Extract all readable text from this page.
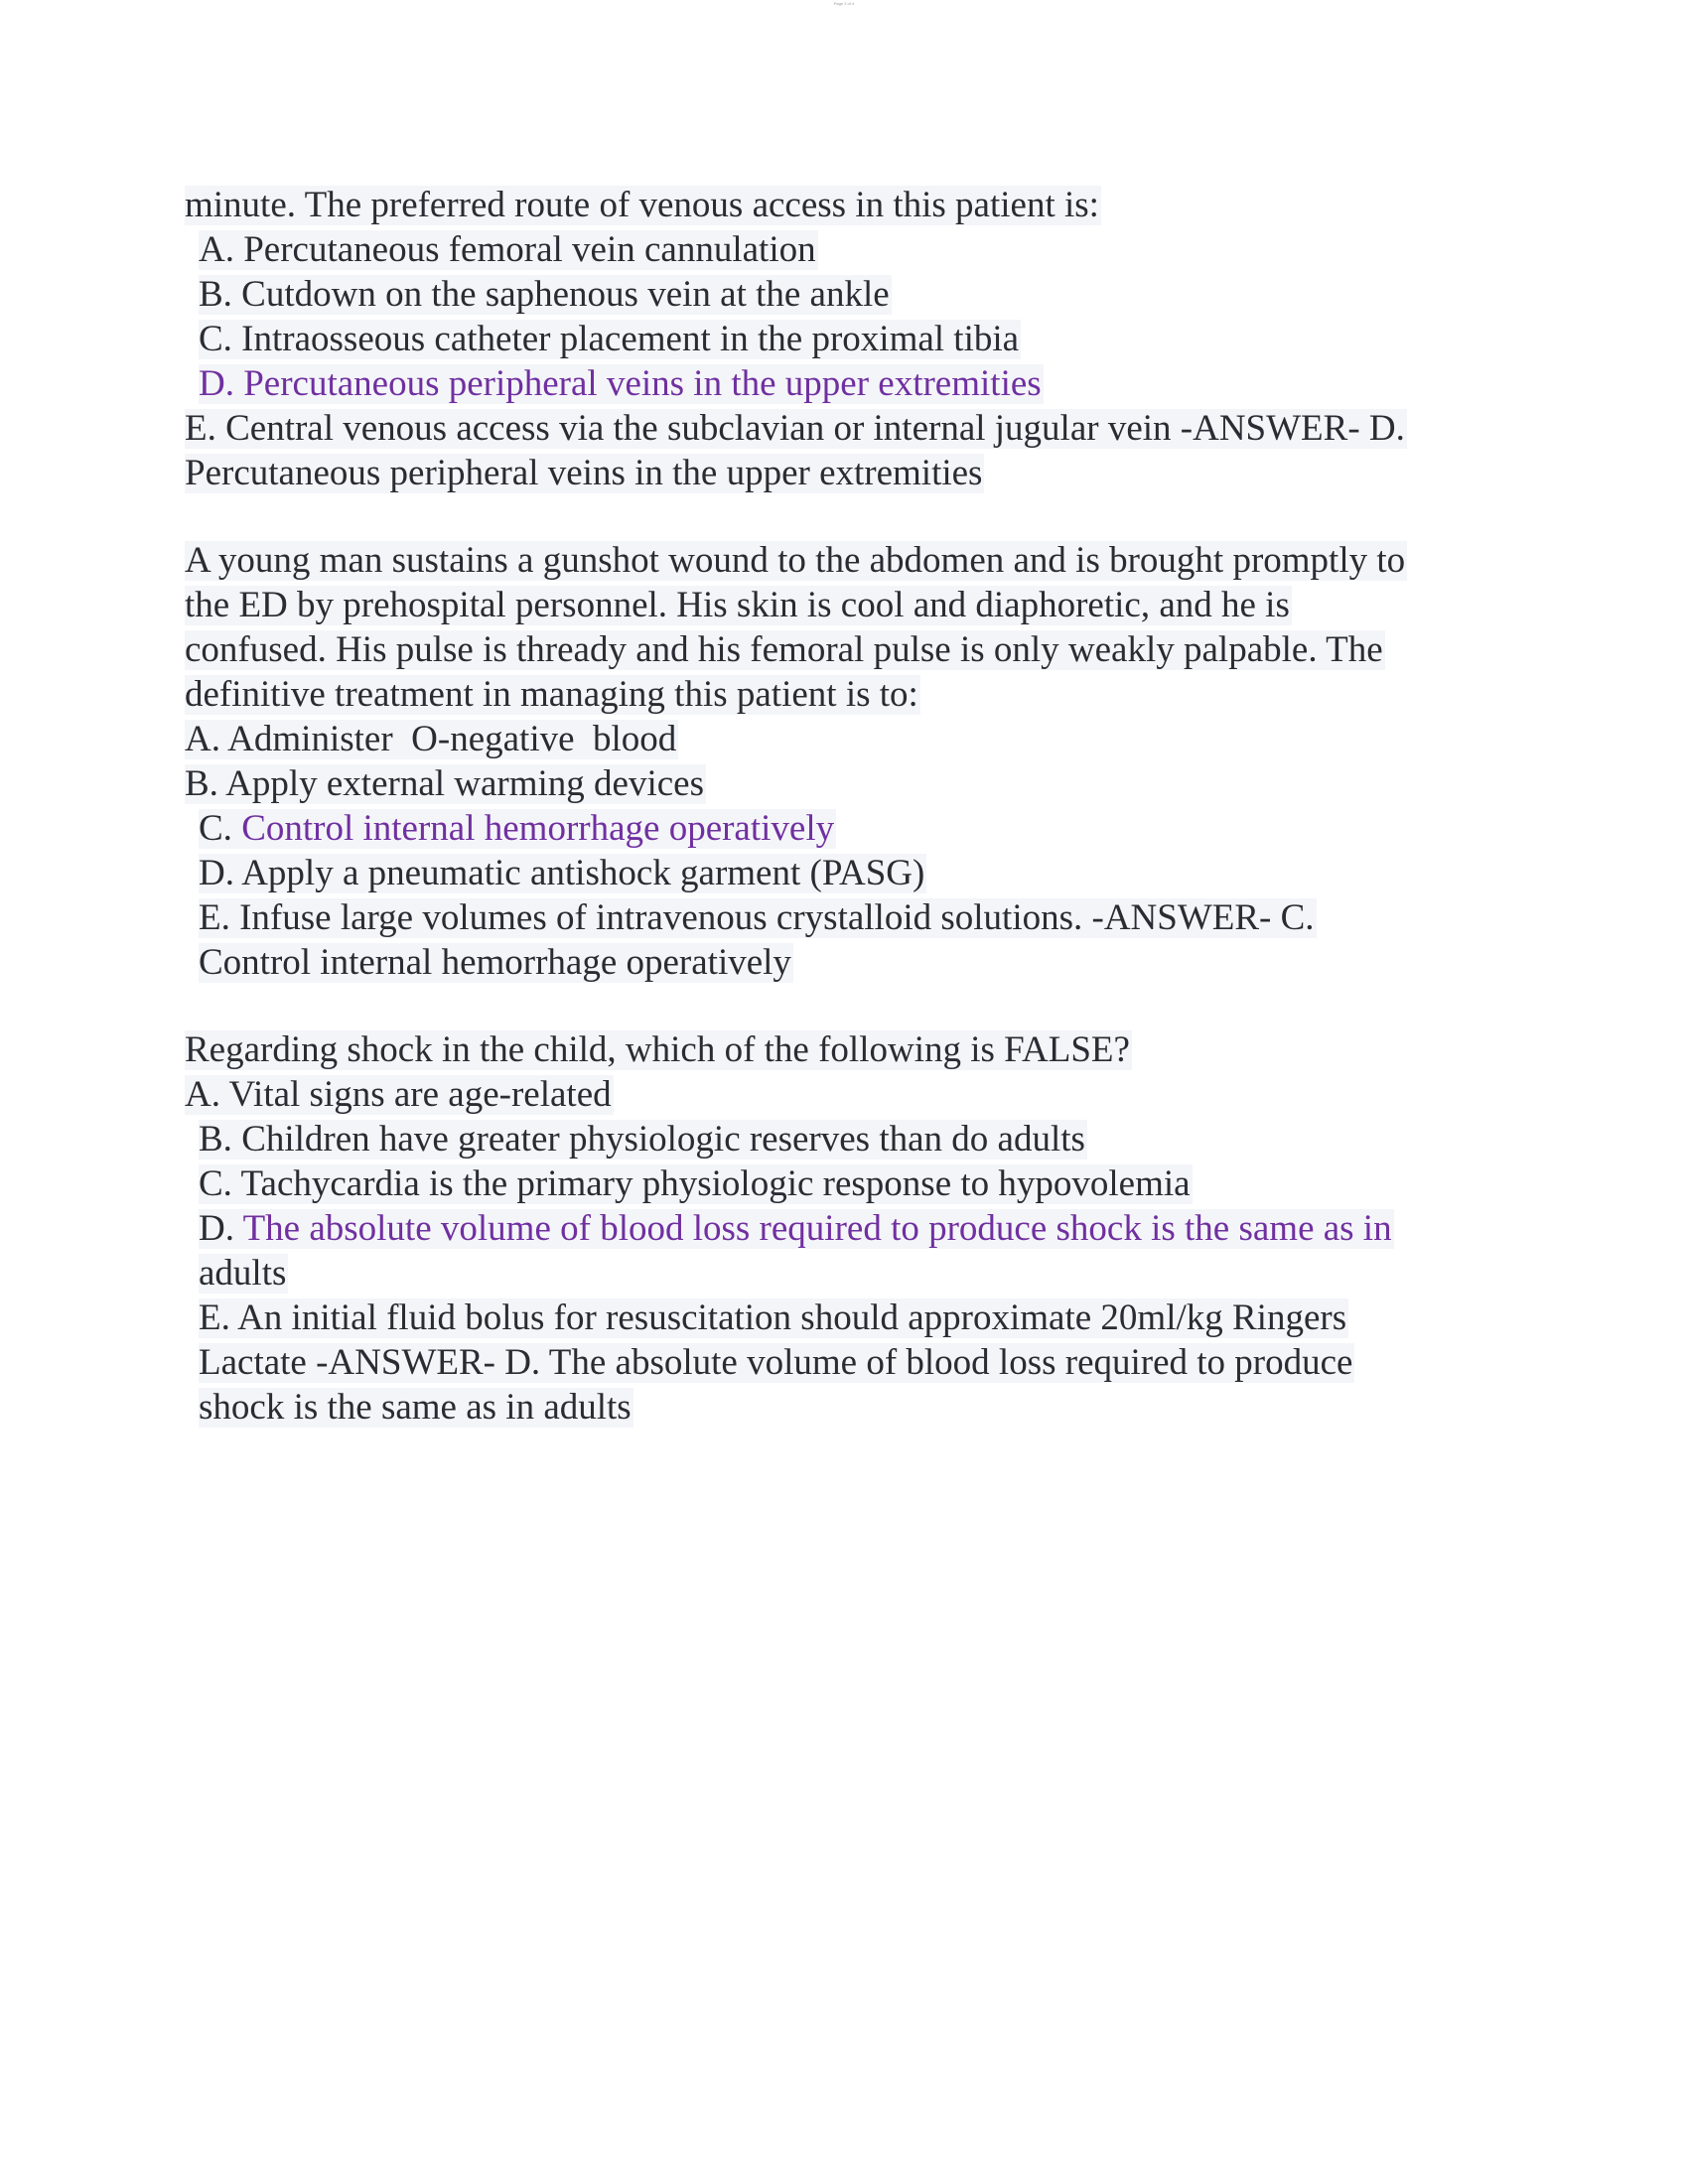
Page 2 of 4
minute. The preferred route of venous access in this patient is:
A. Percutaneous femoral vein cannulation
B. Cutdown on the saphenous vein at the ankle
C. Intraosseous catheter placement in the proximal tibia
D. Percutaneous peripheral veins in the upper extremities
E. Central venous access via the subclavian or internal jugular vein -ANSWER- D.
Percutaneous peripheral veins in the upper extremities
A young man sustains a gunshot wound to the abdomen and is brought promptly to
the ED by prehospital personnel. His skin is cool and diaphoretic, and he is
confused. His pulse is thready and his femoral pulse is only weakly palpable. The
definitive treatment in managing this patient is to:
A. Administer  O-negative  blood
B. Apply external warming devices
C. Control internal hemorrhage operatively
D. Apply a pneumatic antishock garment (PASG)
E. Infuse large volumes of intravenous crystalloid solutions. -ANSWER- C.
Control internal hemorrhage operatively
Regarding shock in the child, which of the following is FALSE?
A. Vital signs are age-related
B. Children have greater physiologic reserves than do adults
C. Tachycardia is the primary physiologic response to hypovolemia
D. The absolute volume of blood loss required to produce shock is the same as in
adults
E. An initial fluid bolus for resuscitation should approximate 20ml/kg Ringers
Lactate -ANSWER- D. The absolute volume of blood loss required to produce
shock is the same as in adults
